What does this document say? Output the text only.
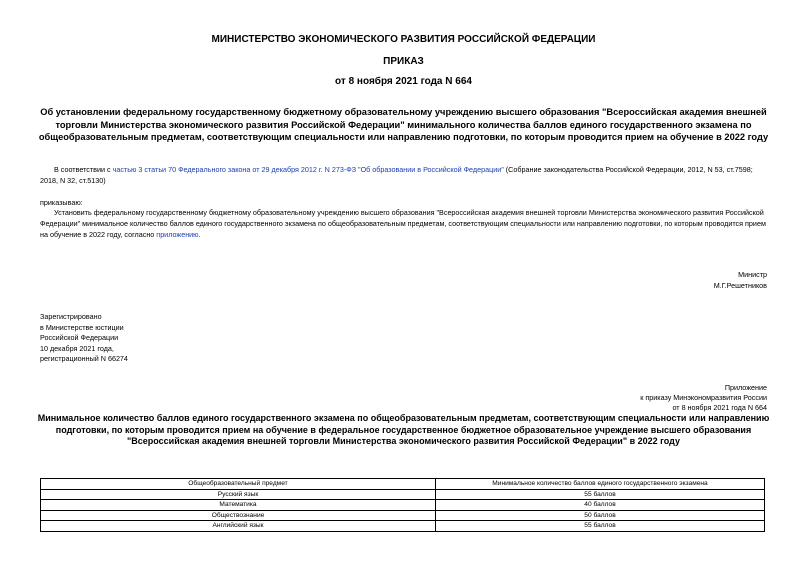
МИНИСТЕРСТВО ЭКОНОМИЧЕСКОГО РАЗВИТИЯ РОССИЙСКОЙ ФЕДЕРАЦИИ
ПРИКАЗ
от 8 ноября 2021 года N 664
Об установлении федеральному государственному бюджетному образовательному учреждению высшего образования "Всероссийская академия внешней
торговли Министерства экономического развития Российской Федерации" минимального количества баллов единого государственного экзамена по
общеобразовательным предметам, соответствующим специальности или направлению подготовки, по которым проводится прием на обучение в 2022 году
В соответствии с частью 3 статьи 70 Федерального закона от 29 декабря 2012 г. N 273-ФЗ "Об образовании в Российской Федерации" (Собрание законодательства Российской Федерации, 2012, N 53, ст.7598;
2018, N 32, ст.5130)
приказываю:
Установить федеральному государственному бюджетному образовательному учреждению высшего образования "Всероссийская академия внешней торговли Министерства экономического развития Российской
Федерации" минимальное количество баллов единого государственного экзамена по общеобразовательным предметам, соответствующим специальности или направлению подготовки, по которым проводится прием
на обучение в 2022 году, согласно приложению.
Министр
М.Г.Решетников
Зарегистрировано
в Министерстве юстиции
Российской Федерации
10 декабря 2021 года,
регистрационный N 66274
Приложение
к приказу Минэкономразвития России
от 8 ноября 2021 года N 664
Минимальное количество баллов единого государственного экзамена по общеобразовательным предметам, соответствующим специальности или направлению
подготовки, по которым проводится прием на обучение в федеральное государственное бюджетное образовательное учреждение высшего образования
"Всероссийская академия внешней торговли Министерства экономического развития Российской Федерации" в 2022 году
Общеобразовательный предмет	Минимальное количество баллов единого государственного экзамена
Русский язык	55 баллов
Математика	40 баллов
Обществознание	50 баллов
Английский язык	55 баллов
